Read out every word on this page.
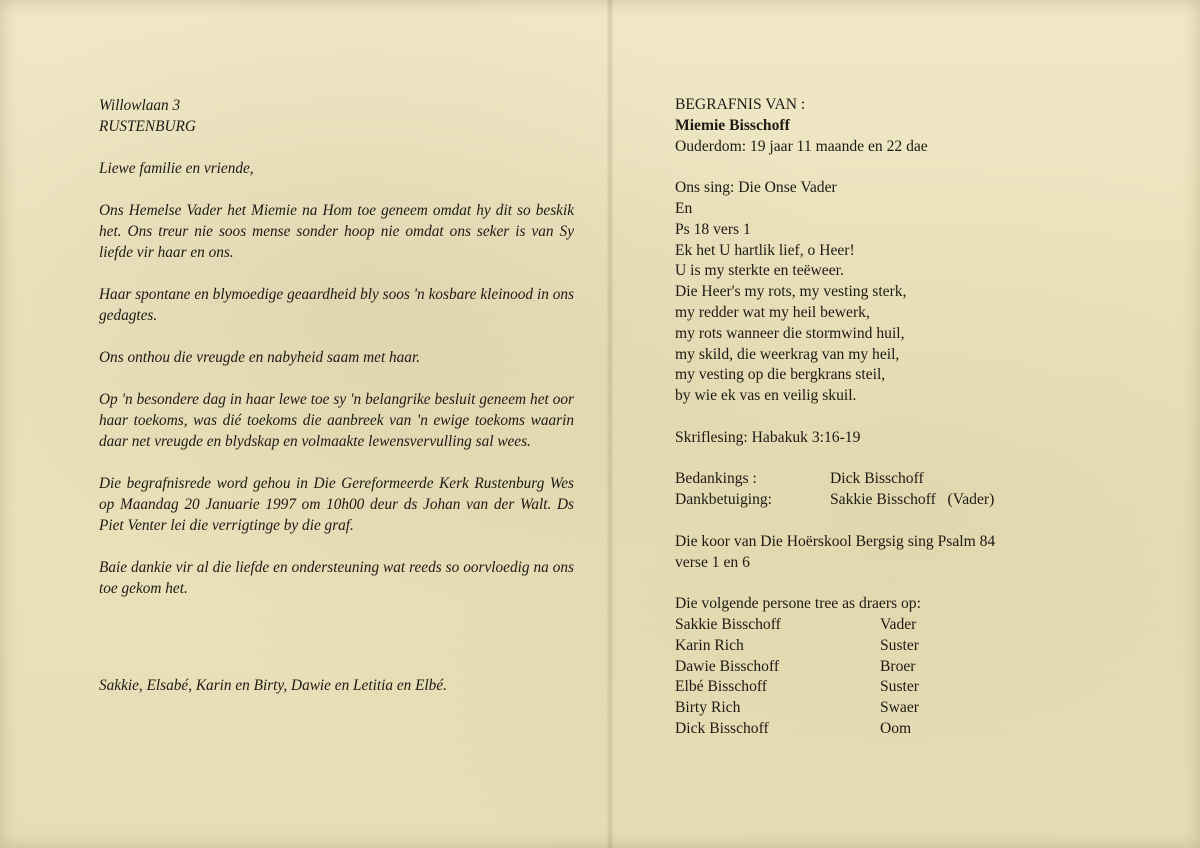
Willowlaan 3
RUSTENBURG

Liewe familie en vriende,

Ons Hemelse Vader het Miemie na Hom toe geneem omdat hy dit so beskik het. Ons treur nie soos mense sonder hoop nie omdat ons seker is van Sy liefde vir haar en ons.

Haar spontane en blymoedige geaardheid bly soos 'n kosbare kleinood in ons gedagtes.

Ons onthou die vreugde en nabyheid saam met haar.

Op 'n besondere dag in haar lewe toe sy 'n belangrike besluit geneem het oor haar toekoms, was dié toekoms die aanbreek van 'n ewige toekoms waarin daar net vreugde en blydskap en volmaakte lewensvervulling sal wees.

Die begrafnisrede word gehou in Die Gereformeerde Kerk Rustenburg Wes op Maandag 20 Januarie 1997 om 10h00 deur ds Johan van der Walt. Ds Piet Venter lei die verrigtinge by die graf.

Baie dankie vir al die liefde en ondersteuning wat reeds so oorvloedig na ons toe gekom het.

Sakkie, Elsabé, Karin en Birty, Dawie en Letitia en Elbé.
BEGRAFNIS VAN :
Miemie Bisschoff
Ouderdom: 19 jaar 11 maande en 22 dae
Ons sing: Die Onse Vader
En
Ps 18 vers 1
Ek het U hartlik lief, o Heer!
U is my sterkte en teëweer.
Die Heer's my rots, my vesting sterk,
my redder wat my heil bewerk,
my rots wanneer die stormwind huil,
my skild, die weerkrag van my heil,
my vesting op die bergkrans steil,
by wie ek vas en veilig skuil.
Skriflesing: Habakuk 3:16-19
Bedankings :	Dick Bisschoff
Dankbetuiging:	Sakkie Bisschoff   (Vader)
Die koor van Die Hoërskool Bergsig sing Psalm 84 verse 1 en 6
Die volgende persone tree as draers op:
Sakkie Bisschoff	Vader
Karin Rich	Suster
Dawie Bisschoff	Broer
Elbé Bisschoff	Suster
Birty Rich	Swaer
Dick Bisschoff	Oom
